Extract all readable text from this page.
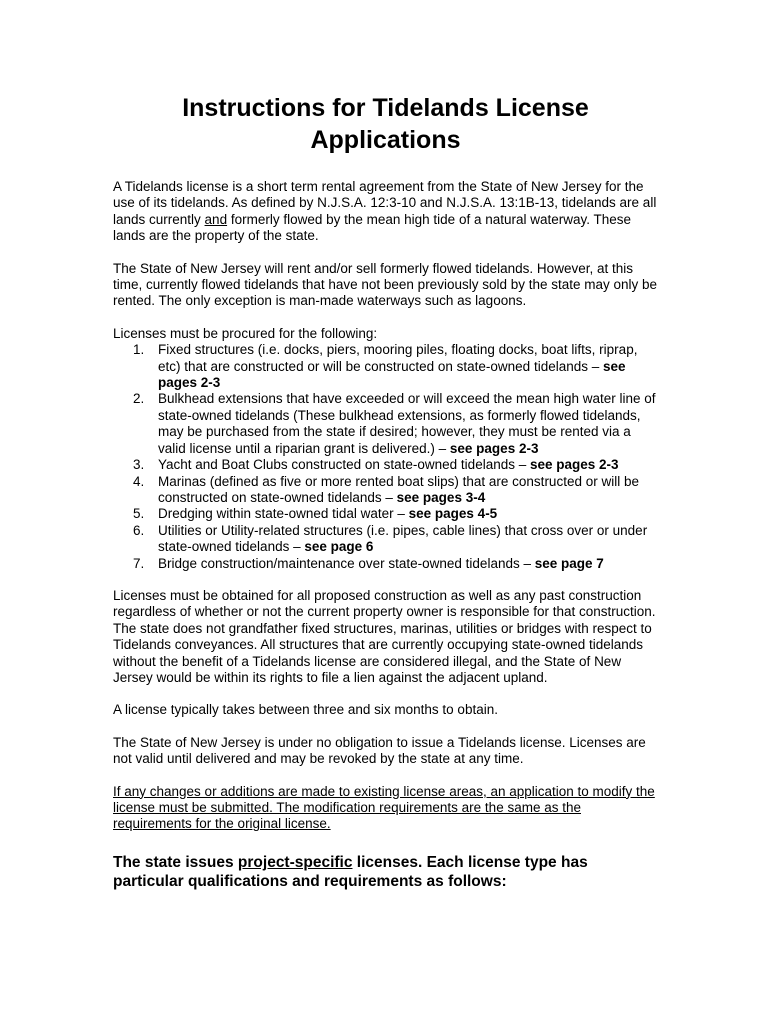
Instructions for Tidelands License Applications

A Tidelands license is a short term rental agreement from the State of New Jersey for the use of its tidelands. As defined by N.J.S.A. 12:3-10 and N.J.S.A. 13:1B-13, tidelands are all lands currently and formerly flowed by the mean high tide of a natural waterway. These lands are the property of the state.

The State of New Jersey will rent and/or sell formerly flowed tidelands. However, at this time, currently flowed tidelands that have not been previously sold by the state may only be rented. The only exception is man-made waterways such as lagoons.

Licenses must be procured for the following:

1. Fixed structures (i.e. docks, piers, mooring piles, floating docks, boat lifts, riprap, etc) that are constructed or will be constructed on state-owned tidelands – see pages 2-3
2. Bulkhead extensions that have exceeded or will exceed the mean high water line of state-owned tidelands (These bulkhead extensions, as formerly flowed tidelands, may be purchased from the state if desired; however, they must be rented via a valid license until a riparian grant is delivered.) – see pages 2-3
3. Yacht and Boat Clubs constructed on state-owned tidelands – see pages 2-3
4. Marinas (defined as five or more rented boat slips) that are constructed or will be constructed on state-owned tidelands – see pages 3-4
5. Dredging within state-owned tidal water – see pages 4-5
6. Utilities or Utility-related structures (i.e. pipes, cable lines) that cross over or under state-owned tidelands – see page 6
7. Bridge construction/maintenance over state-owned tidelands – see page 7

Licenses must be obtained for all proposed construction as well as any past construction regardless of whether or not the current property owner is responsible for that construction. The state does not grandfather fixed structures, marinas, utilities or bridges with respect to Tidelands conveyances. All structures that are currently occupying state-owned tidelands without the benefit of a Tidelands license are considered illegal, and the State of New Jersey would be within its rights to file a lien against the adjacent upland.

A license typically takes between three and six months to obtain.

The State of New Jersey is under no obligation to issue a Tidelands license. Licenses are not valid until delivered and may be revoked by the state at any time.

If any changes or additions are made to existing license areas, an application to modify the license must be submitted. The modification requirements are the same as the requirements for the original license.

The state issues project-specific licenses. Each license type has particular qualifications and requirements as follows:
